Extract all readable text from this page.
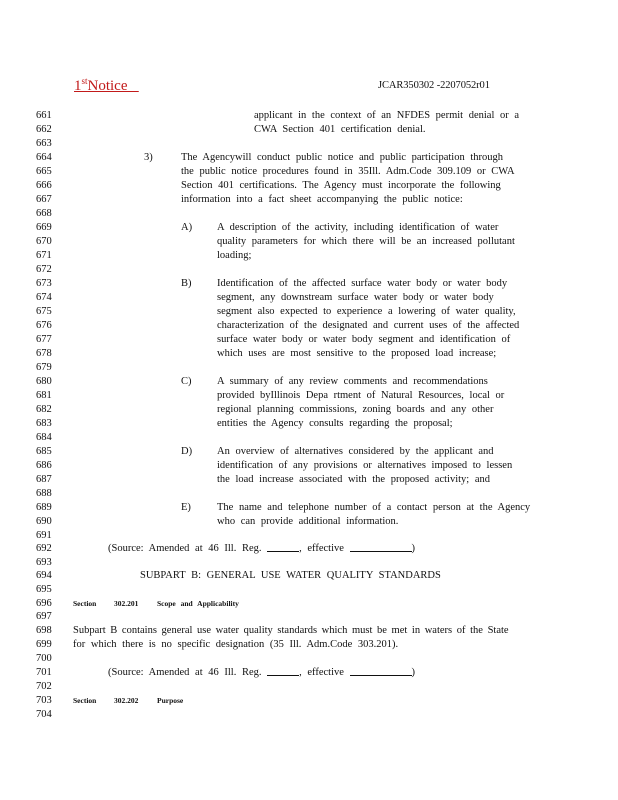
1stNotice	JCAR350302 -2207052r01
661	applicant in the context of an NFDES permit denial or a
662	CWA Section 401 certification denial.
663
664	3)	The Agencywill conduct public notice and public participation through
665	the public notice procedures found in 35Ill. Adm.Code 309.109 or CWA
666	Section 401 certifications. The Agency must incorporate the following
667	information into a fact sheet accompanying the public notice:
668
669	A) A description of the activity, including identification of water
670	quality parameters for which there will be an increased pollutant
671	loading;
672
673	B) Identification of the affected surface water body or water body
674	segment, any downstream surface water body or water body
675	segment also expected to experience a lowering of water quality,
676	characterization of the designated and current uses of the affected
677	surface water body or water body segment and identification of
678	which uses are most sensitive to the proposed load increase;
679
680	C) A summary of any review comments and recommendations
681	provided byIllinois Depa rtment of Natural Resources, local or
682	regional planning commissions, zoning boards and any other
683	entities the Agency consults regarding the proposal;
684
685	D) An overview of alternatives considered by the applicant and
686	identification of any provisions or alternatives imposed to lessen
687	the load increase associated with the proposed activity; and
688
689	E) The name and telephone number of a contact person at the Agency
690	who can provide additional information.
691
692	(Source: Amended at 46 Ill. Reg.	, effective	)
693
694	SUBPART B: GENERAL USE WATER QUALITY STANDARDS
695
696	Section 302.201 Scope and Applicability
697
698	Subpart B contains general use water quality standards which must be met in waters of the State
699	for which there is no specific designation (35 Ill. Adm.Code 303.201).
700
701	(Source: Amended at 46 Ill. Reg.	, effective	)
702
703	Section 302.202 Purpose
704
